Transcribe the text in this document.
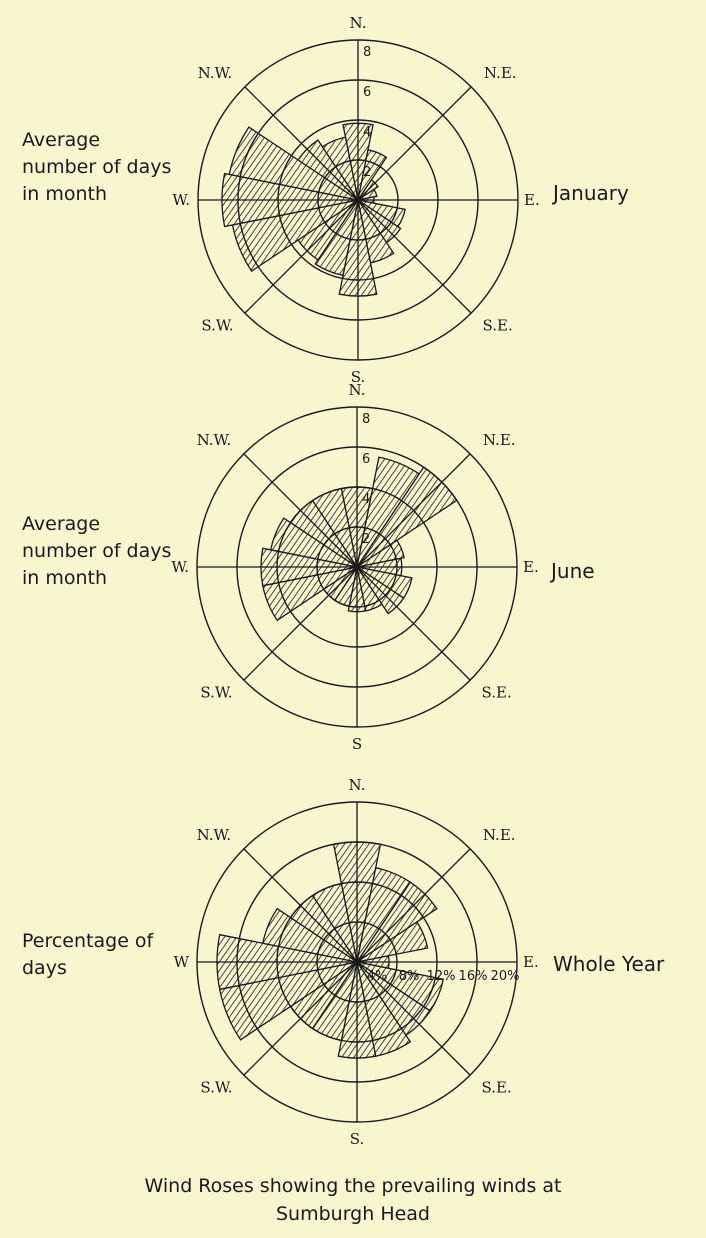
Average number of days in month	January
N.
N.E.
E.
S.E.
S.
S.W.
W.
N.W.
2
4
6
8
Average number of days in month	June
N.
N.E.
E.
S.E.
S
S.W.
W.
N.W.
2
4
6
8
Percentage of days	Whole Year
N.
N.E.
E.
S.E.
S.
S.W.
W
N.W.
4% 8% 12% 16% 20%
Wind Roses showing the prevailing winds at
Sumburgh Head
